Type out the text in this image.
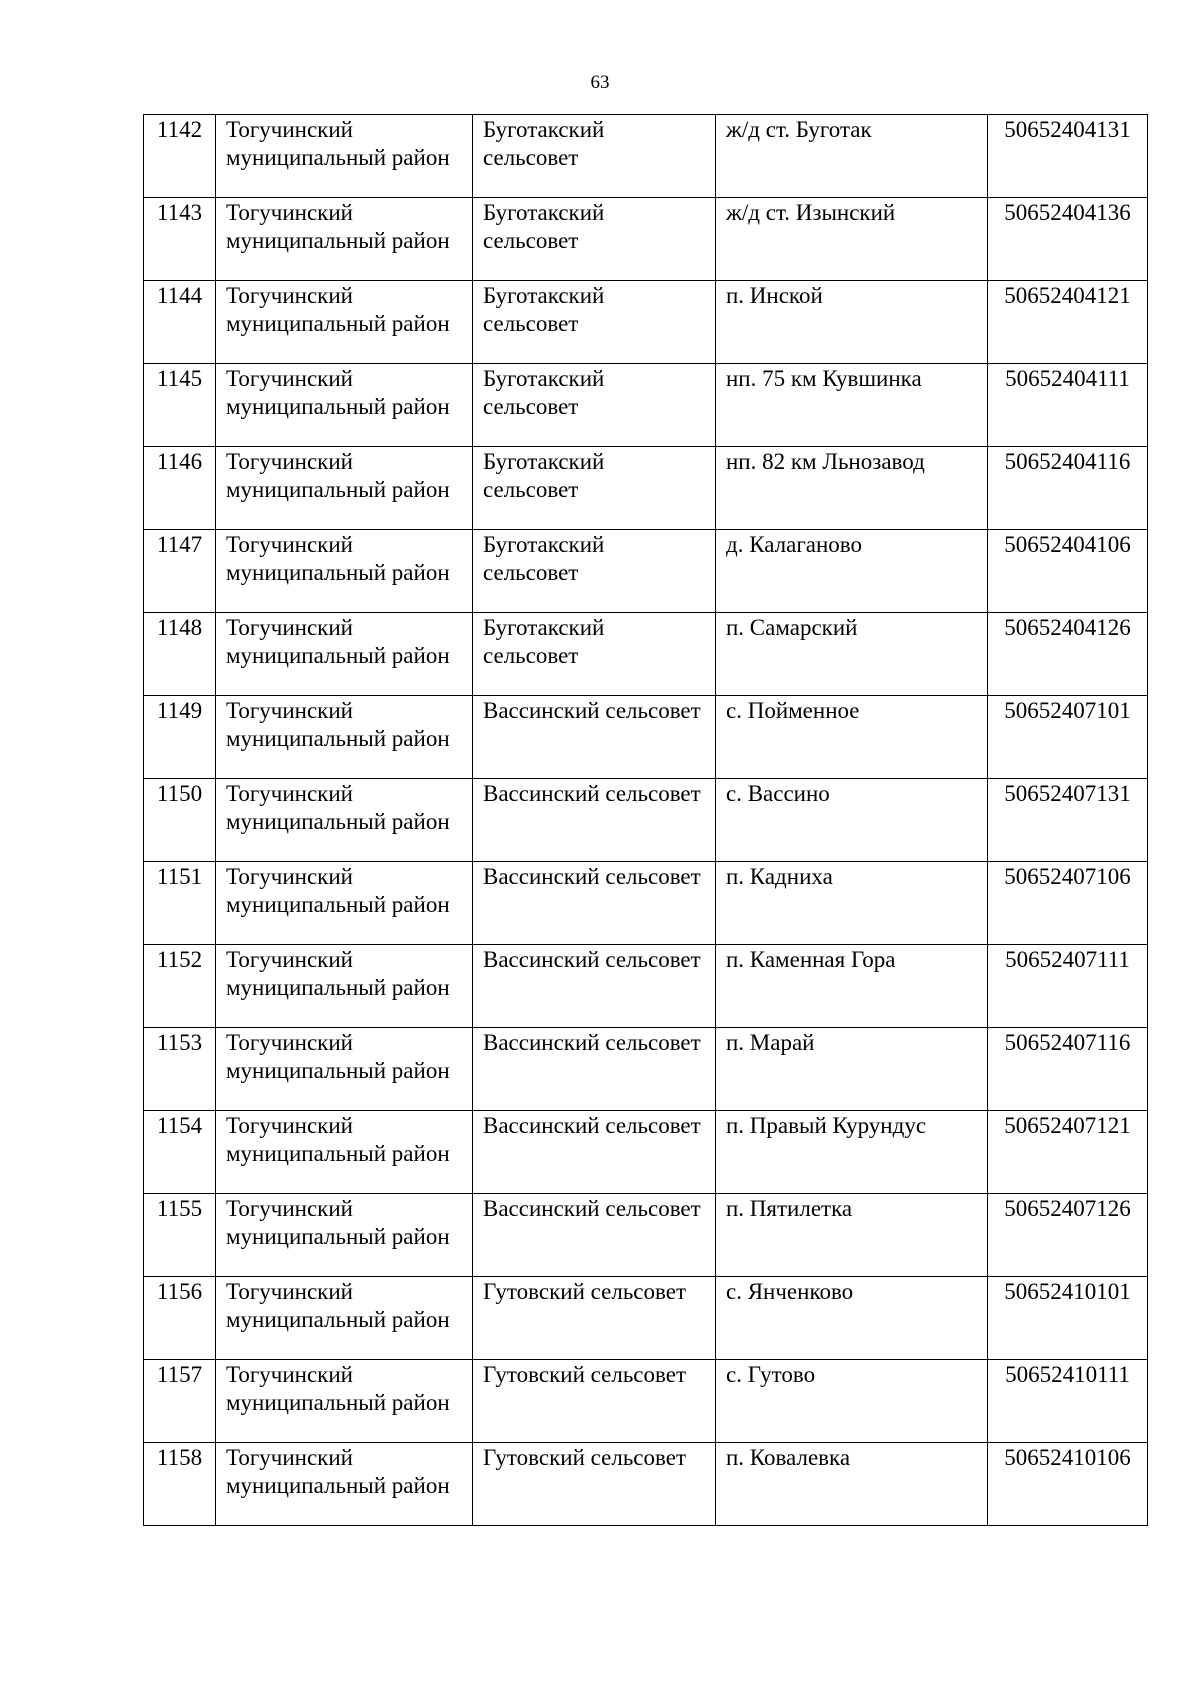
63
1142	Тогучинский муниципальный район	Буготакский сельсовет	ж/д ст. Буготак	50652404131
1143	Тогучинский муниципальный район	Буготакский сельсовет	ж/д ст. Изынский	50652404136
1144	Тогучинский муниципальный район	Буготакский сельсовет	п. Инской	50652404121
1145	Тогучинский муниципальный район	Буготакский сельсовет	нп. 75 км Кувшинка	50652404111
1146	Тогучинский муниципальный район	Буготакский сельсовет	нп. 82 км Льнозавод	50652404116
1147	Тогучинский муниципальный район	Буготакский сельсовет	д. Калаганово	50652404106
1148	Тогучинский муниципальный район	Буготакский сельсовет	п. Самарский	50652404126
1149	Тогучинский муниципальный район	Вассинский сельсовет	с. Пойменное	50652407101
1150	Тогучинский муниципальный район	Вассинский сельсовет	с. Вассино	50652407131
1151	Тогучинский муниципальный район	Вассинский сельсовет	п. Кадниха	50652407106
1152	Тогучинский муниципальный район	Вассинский сельсовет	п. Каменная Гора	50652407111
1153	Тогучинский муниципальный район	Вассинский сельсовет	п. Марай	50652407116
1154	Тогучинский муниципальный район	Вассинский сельсовет	п. Правый Курундус	50652407121
1155	Тогучинский муниципальный район	Вассинский сельсовет	п. Пятилетка	50652407126
1156	Тогучинский муниципальный район	Гутовский сельсовет	с. Янченково	50652410101
1157	Тогучинский муниципальный район	Гутовский сельсовет	с. Гутово	50652410111
1158	Тогучинский муниципальный район	Гутовский сельсовет	п. Ковалевка	50652410106
